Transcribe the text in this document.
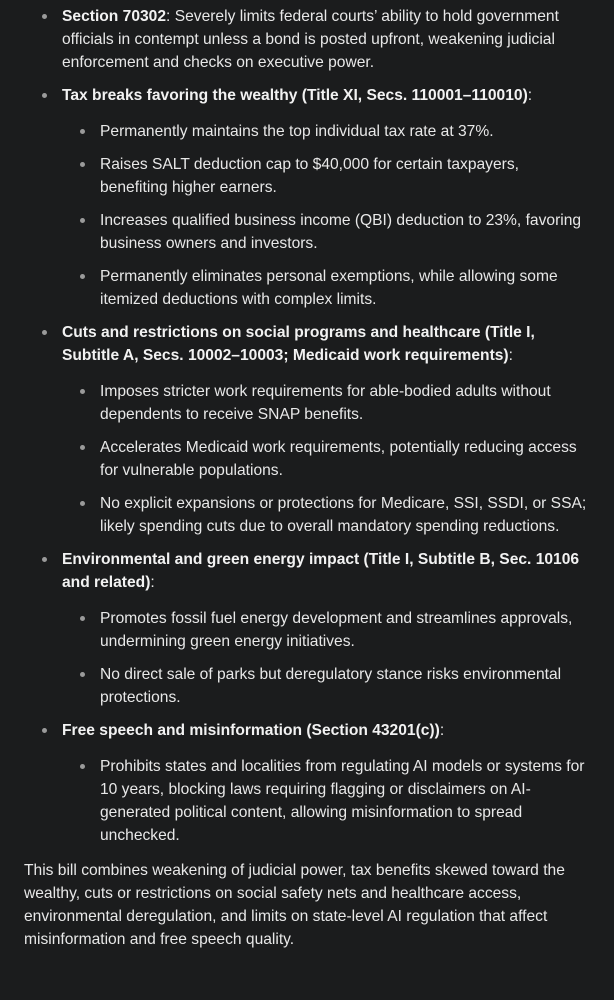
Section 70302: Severely limits federal courts’ ability to hold government officials in contempt unless a bond is posted upfront, weakening judicial enforcement and checks on executive power.
Tax breaks favoring the wealthy (Title XI, Secs. 110001–110010):
Permanently maintains the top individual tax rate at 37%.
Raises SALT deduction cap to $40,000 for certain taxpayers, benefiting higher earners.
Increases qualified business income (QBI) deduction to 23%, favoring business owners and investors.
Permanently eliminates personal exemptions, while allowing some itemized deductions with complex limits.
Cuts and restrictions on social programs and healthcare (Title I, Subtitle A, Secs. 10002–10003; Medicaid work requirements):
Imposes stricter work requirements for able-bodied adults without dependents to receive SNAP benefits.
Accelerates Medicaid work requirements, potentially reducing access for vulnerable populations.
No explicit expansions or protections for Medicare, SSI, SSDI, or SSA; likely spending cuts due to overall mandatory spending reductions.
Environmental and green energy impact (Title I, Subtitle B, Sec. 10106 and related):
Promotes fossil fuel energy development and streamlines approvals, undermining green energy initiatives.
No direct sale of parks but deregulatory stance risks environmental protections.
Free speech and misinformation (Section 43201(c)):
Prohibits states and localities from regulating AI models or systems for 10 years, blocking laws requiring flagging or disclaimers on AI-generated political content, allowing misinformation to spread unchecked.

This bill combines weakening of judicial power, tax benefits skewed toward the wealthy, cuts or restrictions on social safety nets and healthcare access, environmental deregulation, and limits on state-level AI regulation that affect misinformation and free speech quality.
